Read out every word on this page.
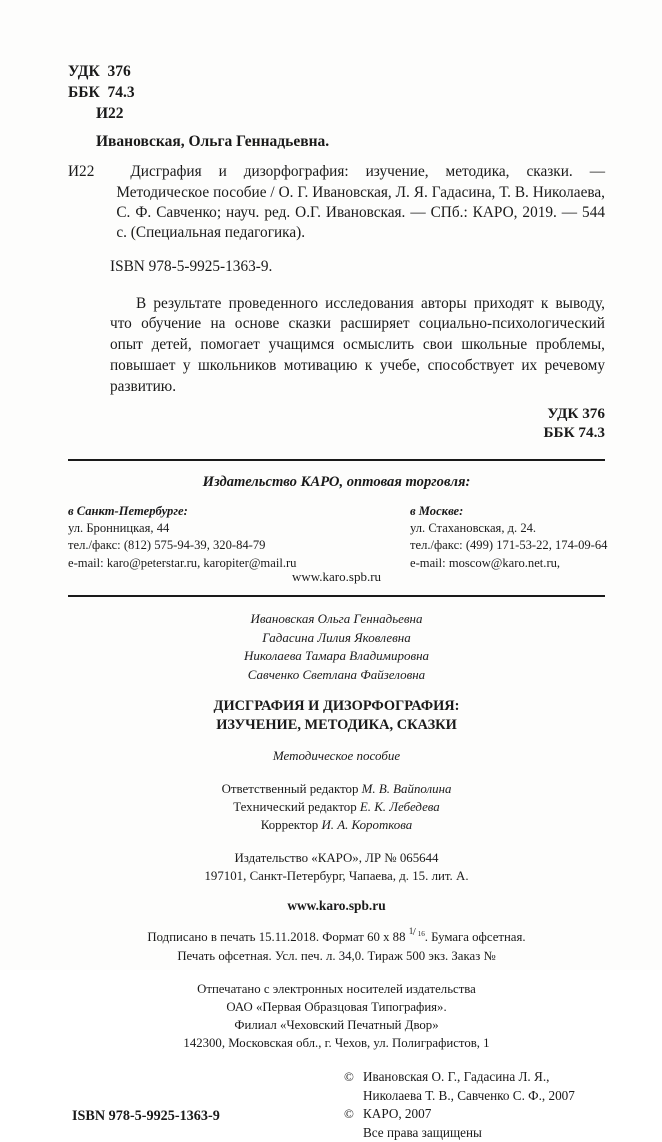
УДК  376
ББК  74.3
И22
Ивановская, Ольга Геннадьевна.
И22	Дисграфия и дизорфография: изучение, методика, сказки. — Методическое пособие / О. Г. Ивановская, Л. Я. Гадасина, Т. В. Николаева, С. Ф. Савченко; науч. ред. О.Г. Ивановская. — СПб.: КАРО, 2019. — 544 с. (Специальная педагогика).
ISBN 978-5-9925-1363-9.
В результате проведенного исследования авторы приходят к выводу, что обучение на основе сказки расширяет социально-психологический опыт детей, помогает учащимся осмыслить свои школьные проблемы, повышает у школьников мотивацию к учебе, способствует их речевому развитию.
УДК 376
ББК 74.3
Издательство КАРО, оптовая торговля:
в Санкт-Петербурге:
ул. Бронницкая, 44
тел./факс: (812) 575-94-39, 320-84-79
e-mail: karo@peterstar.ru, karopiter@mail.ru
в Москве:
ул. Стахановская, д. 24.
тел./факс: (499) 171-53-22, 174-09-64
e-mail: moscow@karo.net.ru,
www.karo.spb.ru
Ивановская Ольга Геннадьевна
Гадасина Лилия Яковлевна
Николаева Тамара Владимировна
Савченко Светлана Файзеловна
ДИСГРАФИЯ И ДИЗОРФОГРАФИЯ:
ИЗУЧЕНИЕ, МЕТОДИКА, СКАЗКИ
Методическое пособие
Ответственный редактор М. В. Вайполина
Технический редактор Е. К. Лебедева
Корректор И. А. Короткова
Издательство «КАРО», ЛР № 065644
197101, Санкт-Петербург, Чапаева, д. 15. лит. А.
www.karo.spb.ru
Подписано в печать 15.11.2018. Формат 60 x 88 1 / 16 . Бумага офсетная.
Печать офсетная. Усл. печ. л. 34,0. Тираж 500 экз. Заказ №
Отпечатано с электронных носителей издательства
ОАО «Первая Образцовая Типография».
Филиал «Чеховский Печатный Двор»
142300, Московская обл., г. Чехов, ул. Полиграфистов, 1
ISBN 978-5-9925-1363-9
© Ивановская О. Г., Гадасина Л. Я.,
Николаева Т. В., Савченко С. Ф., 2007
© КАРО, 2007
Все права защищены
